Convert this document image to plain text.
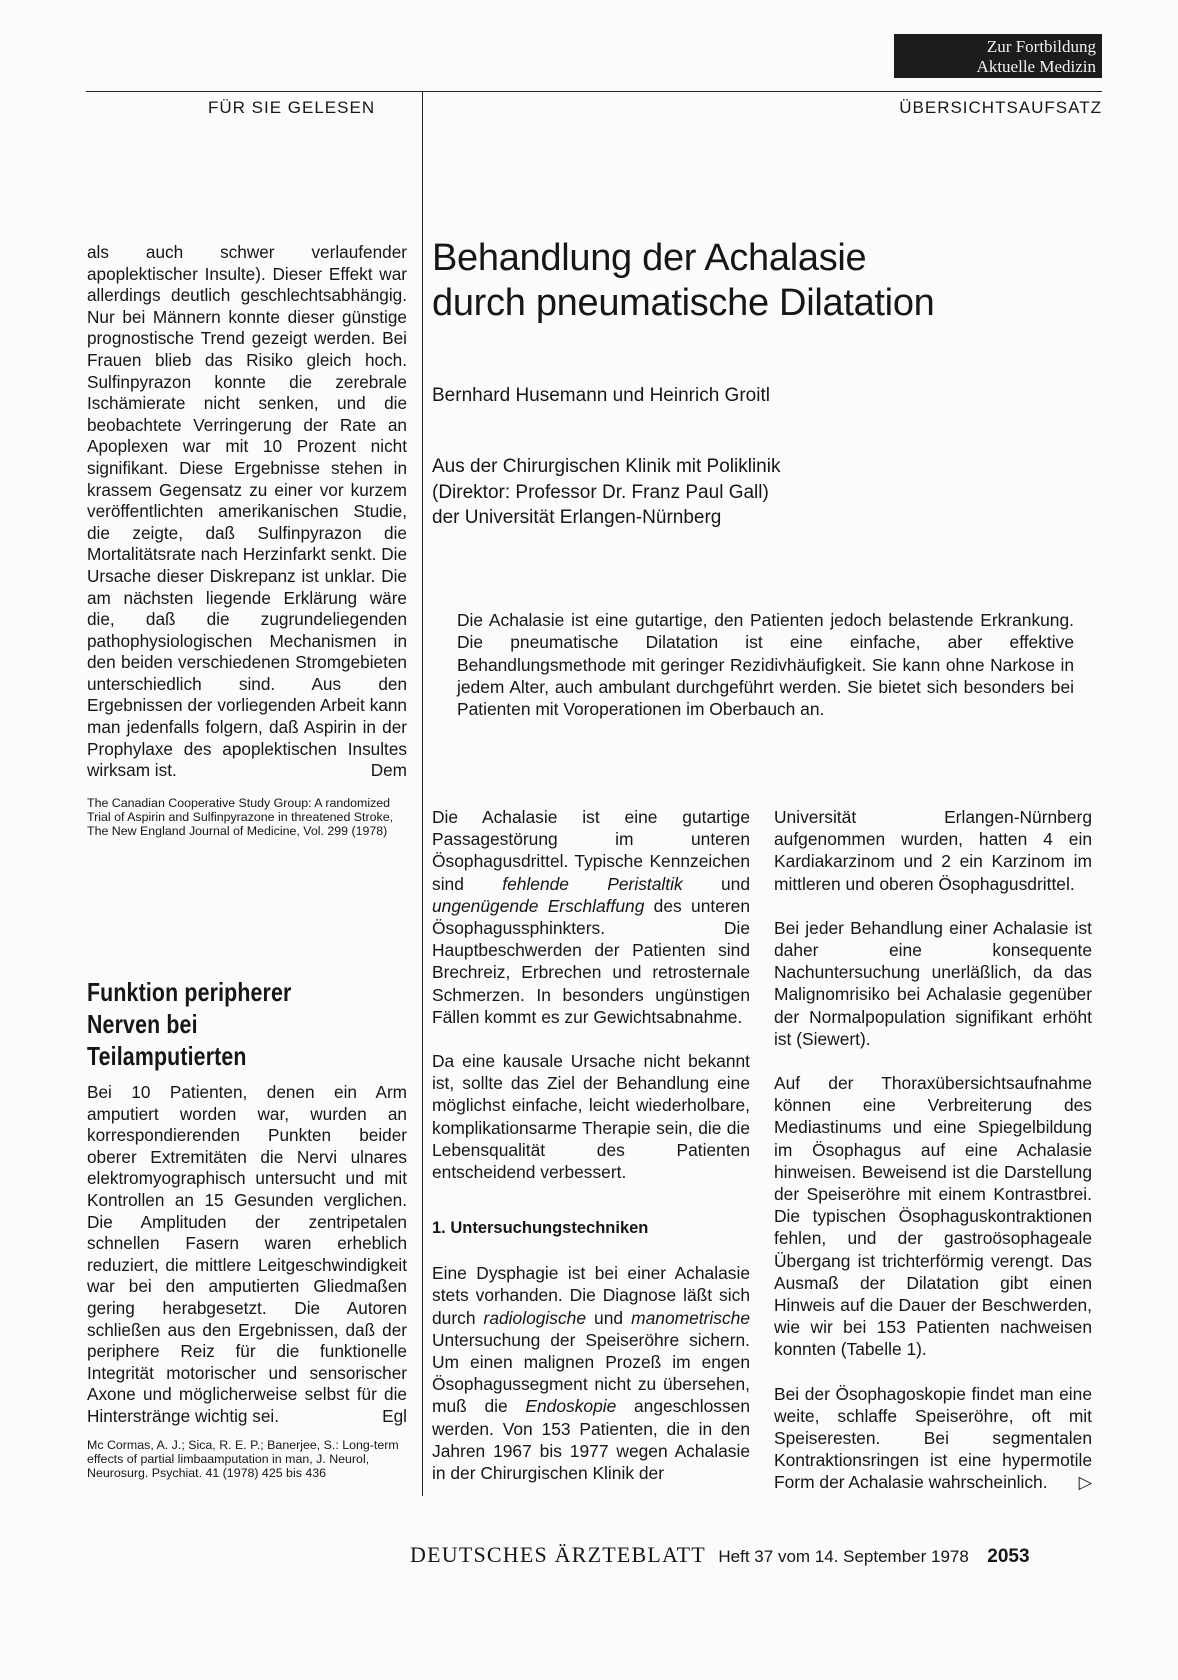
Zur Fortbildung
Aktuelle Medizin
FÜR SIE GELESEN	ÜBERSICHTSAUFSATZ

als auch schwer verlaufender apoplektischer Insulte). Dieser Effekt war allerdings deutlich geschlechtsabhängig. Nur bei Männern konnte dieser günstige prognostische Trend gezeigt werden. Bei Frauen blieb das Risiko gleich hoch. Sulfinpyrazon konnte die zerebrale Ischämierate nicht senken, und die beobachtete Verringerung der Rate an Apoplexen war mit 10 Prozent nicht signifikant. Diese Ergebnisse stehen in krassem Gegensatz zu einer vor kurzem veröffentlichten amerikanischen Studie, die zeigte, daß Sulfinpyrazon die Mortalitätsrate nach Herzinfarkt senkt. Die Ursache dieser Diskrepanz ist unklar. Die am nächsten liegende Erklärung wäre die, daß die zugrundeliegenden pathophysiologischen Mechanismen in den beiden verschiedenen Stromgebieten unterschiedlich sind. Aus den Ergebnissen der vorliegenden Arbeit kann man jedenfalls folgern, daß Aspirin in der Prophylaxe des apoplektischen Insultes wirksam ist.	Dem

The Canadian Cooperative Study Group: A randomized Trial of Aspirin and Sulfinpyrazone in threatened Stroke, The New England Journal of Medicine, Vol. 299 (1978)

Funktion peripherer Nerven bei Teilamputierten

Bei 10 Patienten, denen ein Arm amputiert worden war, wurden an korrespondierenden Punkten beider oberer Extremitäten die Nervi ulnares elektromyographisch untersucht und mit Kontrollen an 15 Gesunden verglichen. Die Amplituden der zentripetalen schnellen Fasern waren erheblich reduziert, die mittlere Leitgeschwindigkeit war bei den amputierten Gliedmaßen gering herabgesetzt. Die Autoren schließen aus den Ergebnissen, daß der periphere Reiz für die funktionelle Integrität motorischer und sensorischer Axone und möglicherweise selbst für die Hinterstränge wichtig sei.	Egl

Mc Cormas, A. J.; Sica, R. E. P.; Banerjee, S.: Long-term effects of partial limbaamputation in man, J. Neurol, Neurosurg. Psychiat. 41 (1978) 425 bis 436

Behandlung der Achalasie
durch pneumatische Dilatation
Bernhard Husemann und Heinrich Groitl
Aus der Chirurgischen Klinik mit Poliklinik
(Direktor: Professor Dr. Franz Paul Gall)
der Universität Erlangen-Nürnberg

Die Achalasie ist eine gutartige, den Patienten jedoch belastende Erkrankung. Die pneumatische Dilatation ist eine einfache, aber effektive Behandlungsmethode mit geringer Rezidivhäufigkeit. Sie kann ohne Narkose in jedem Alter, auch ambulant durchgeführt werden. Sie bietet sich besonders bei Patienten mit Voroperationen im Oberbauch an.

Die Achalasie ist eine gutartige Passagestörung im unteren Ösophagusdrittel. Typische Kennzeichen sind fehlende Peristaltik und ungenügende Erschlaffung des unteren Ösophagussphinkters. Die Hauptbeschwerden der Patienten sind Brechreiz, Erbrechen und retrosternale Schmerzen. In besonders ungünstigen Fällen kommt es zur Gewichtsabnahme.

Da eine kausale Ursache nicht bekannt ist, sollte das Ziel der Behandlung eine möglichst einfache, leicht wiederholbare, komplikationsarme Therapie sein, die die Lebensqualität des Patienten entscheidend verbessert.

1. Untersuchungstechniken

Eine Dysphagie ist bei einer Achalasie stets vorhanden. Die Diagnose läßt sich durch radiologische und manometrische Untersuchung der Speiseröhre sichern. Um einen malignen Prozeß im engen Ösophagussegment nicht zu übersehen, muß die Endoskopie angeschlossen werden. Von 153 Patienten, die in den Jahren 1967 bis 1977 wegen Achalasie in der Chirurgischen Klinik der

Universität Erlangen-Nürnberg aufgenommen wurden, hatten 4 ein Kardiakarzinom und 2 ein Karzinom im mittleren und oberen Ösophagusdrittel.

Bei jeder Behandlung einer Achalasie ist daher eine konsequente Nachuntersuchung unerläßlich, da das Malignomrisiko bei Achalasie gegenüber der Normalpopulation signifikant erhöht ist (Siewert).

Auf der Thoraxübersichtsaufnahme können eine Verbreiterung des Mediastinums und eine Spiegelbildung im Ösophagus auf eine Achalasie hinweisen. Beweisend ist die Darstellung der Speiseröhre mit einem Kontrastbrei. Die typischen Ösophaguskontraktionen fehlen, und der gastroösophageale Übergang ist trichterförmig verengt. Das Ausmaß der Dilatation gibt einen Hinweis auf die Dauer der Beschwerden, wie wir bei 153 Patienten nachweisen konnten (Tabelle 1).

Bei der Ösophagoskopie findet man eine weite, schlaffe Speiseröhre, oft mit Speiseresten. Bei segmentalen Kontraktionsringen ist eine hypermotile Form der Achalasie wahrscheinlich. ▷

DEUTSCHES ÄRZTEBLATT Heft 37 vom 14. September 1978 2053
